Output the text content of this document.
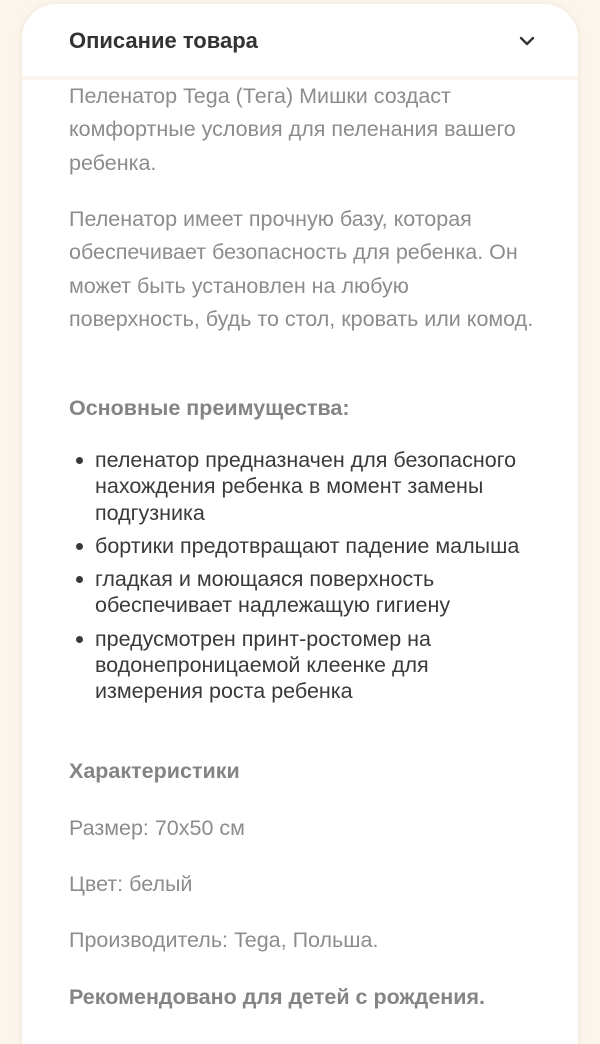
Описание товара

Пеленатор Tega (Тега) Мишки создаст комфортные условия для пеленания вашего ребенка.

Пеленатор имеет прочную базу, которая обеспечивает безопасность для ребенка. Он может быть установлен на любую поверхность, будь то стол, кровать или комод.

Основные преимущества:

пеленатор предназначен для безопасного нахождения ребенка в момент замены подгузника
бортики предотвращают падение малыша
гладкая и моющаяся поверхность обеспечивает надлежащую гигиену
предусмотрен принт-ростомер на водонепроницаемой клеенке для измерения роста ребенка

Характеристики

Размер: 70x50 см

Цвет: белый

Производитель: Tega, Польша.

Рекомендовано для детей с рождения.
